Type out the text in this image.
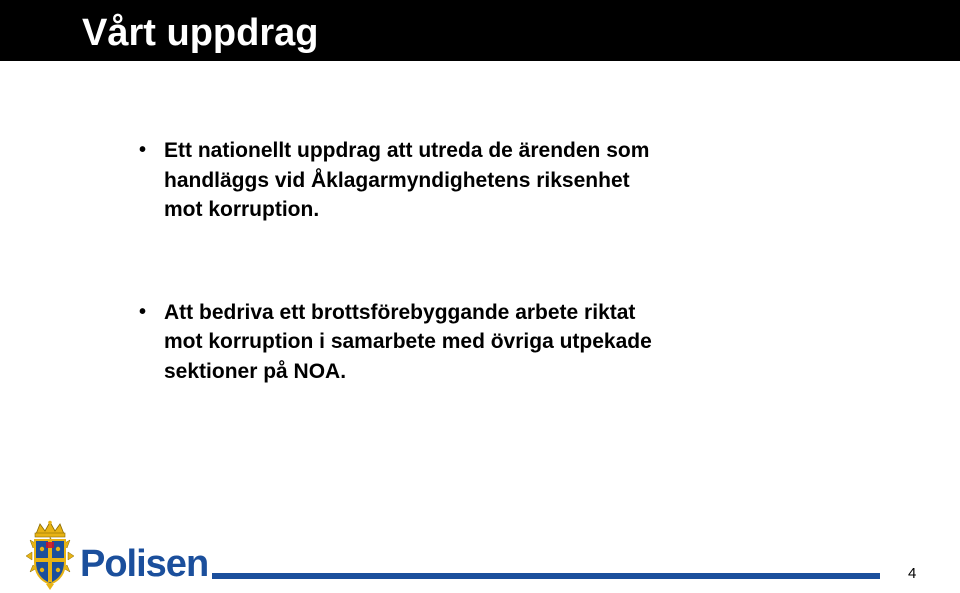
Vårt uppdrag
• Ett nationellt uppdrag att utreda de ärenden som
handläggs vid Åklagarmyndighetens riksenhet
mot korruption.
• Att bedriva ett brottsförebyggande arbete riktat
mot korruption i samarbete med övriga utpekade
sektioner på NOA.
Polisen	4
